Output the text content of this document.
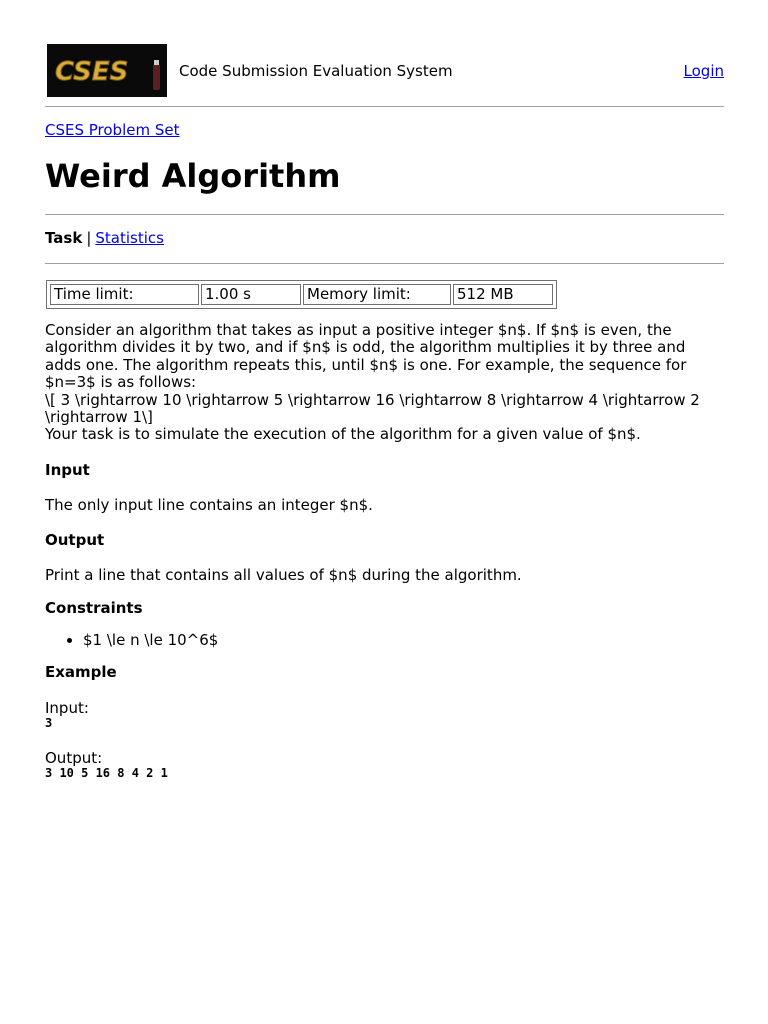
CSES	Code Submission Evaluation System	Login
CSES Problem Set
Weird Algorithm
Task | Statistics
Time limit:	1.00 s	Memory limit:	512 MB

Consider an algorithm that takes as input a positive integer $n$. If $n$ is even, the algorithm divides it by two, and if $n$ is odd, the algorithm multiplies it by three and adds one. The algorithm repeats this, until $n$ is one. For example, the sequence for $n=3$ is as follows:

\[ 3 \rightarrow 10 \rightarrow 5 \rightarrow 16 \rightarrow 8 \rightarrow 4 \rightarrow 2 \rightarrow 1\]

Your task is to simulate the execution of the algorithm for a given value of $n$.

Input

The only input line contains an integer $n$.

Output

Print a line that contains all values of $n$ during the algorithm.

Constraints
• $1 \le n \le 10^6$
Example
Input:
3
Output:
3 10 5 16 8 4 2 1
